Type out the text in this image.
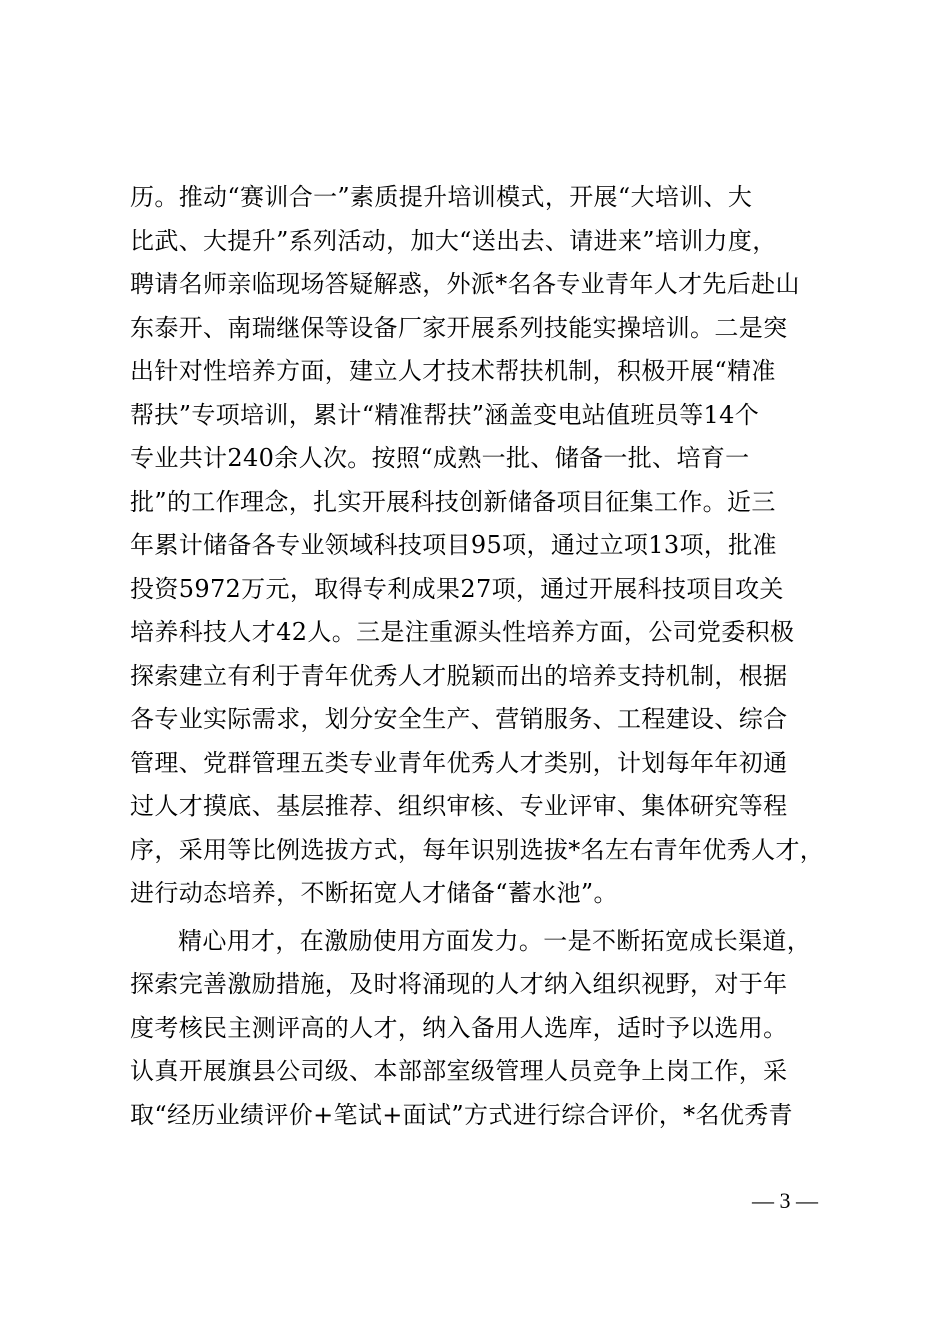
历。推动“赛训合一”素质提升培训模式，开展“大培训、大
比武、大提升”系列活动，加大“送出去、请进来”培训力度，
聘请名师亲临现场答疑解惑，外派*名各专业青年人才先后赴山
东泰开、南瑞继保等设备厂家开展系列技能实操培训。二是突
出针对性培养方面，建立人才技术帮扶机制，积极开展“精准
帮扶”专项培训，累计“精准帮扶”涵盖变电站值班员等14个
专业共计240余人次。按照“成熟一批、储备一批、培育一
批”的工作理念，扎实开展科技创新储备项目征集工作。近三
年累计储备各专业领域科技项目95项，通过立项13项，批准
投资5972万元，取得专利成果27项，通过开展科技项目攻关
培养科技人才42人。三是注重源头性培养方面，公司党委积极
探索建立有利于青年优秀人才脱颖而出的培养支持机制，根据
各专业实际需求，划分安全生产、营销服务、工程建设、综合
管理、党群管理五类专业青年优秀人才类别，计划每年年初通
过人才摸底、基层推荐、组织审核、专业评审、集体研究等程
序，采用等比例选拔方式，每年识别选拔*名左右青年优秀人才，
进行动态培养，不断拓宽人才储备“蓄水池”。
精心用才，在激励使用方面发力。一是不断拓宽成长渠道，
探索完善激励措施，及时将涌现的人才纳入组织视野，对于年
度考核民主测评高的人才，纳入备用人选库，适时予以选用。
认真开展旗县公司级、本部部室级管理人员竞争上岗工作，采
取“经历业绩评价+笔试+面试”方式进行综合评价，*名优秀青
— 3 —
